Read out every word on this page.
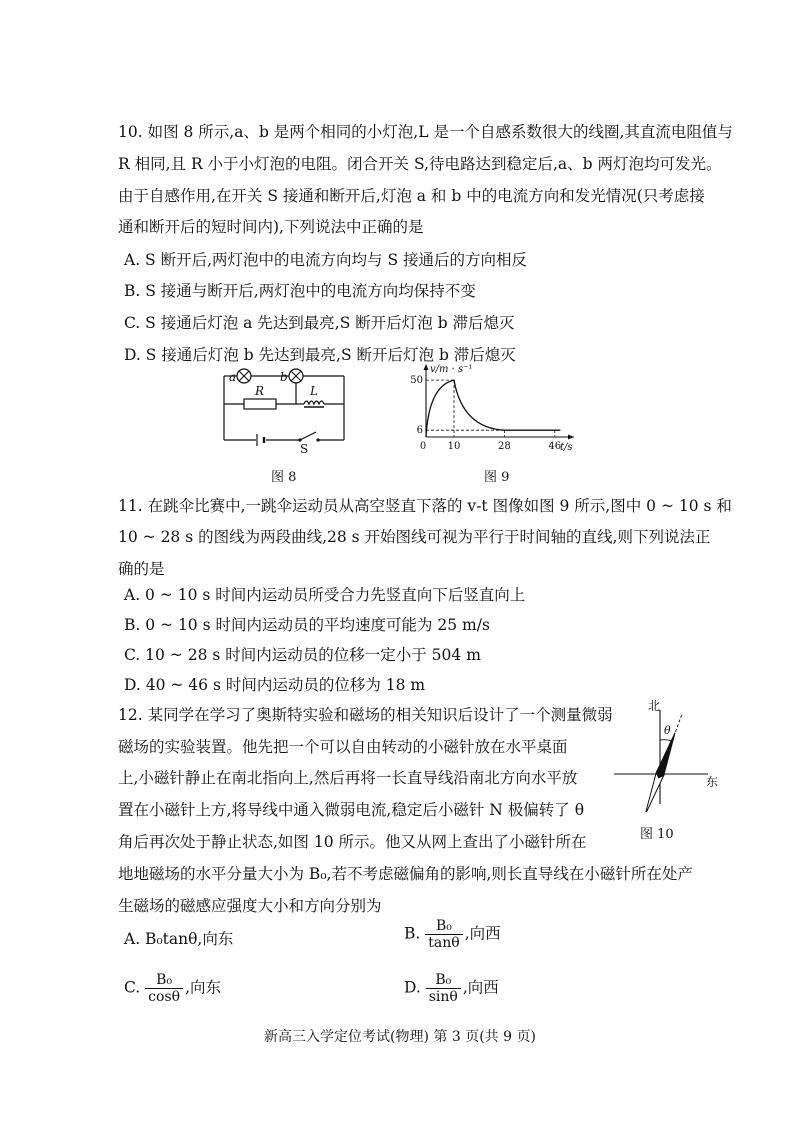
10. 如图 8 所示,a、b 是两个相同的小灯泡,L 是一个自感系数很大的线圈,其直流电阻值与
R 相同,且 R 小于小灯泡的电阻。闭合开关 S,待电路达到稳定后,a、b 两灯泡均可发光。
由于自感作用,在开关 S 接通和断开后,灯泡 a 和 b 中的电流方向和发光情况(只考虑接
通和断开后的短时间内),下列说法中正确的是
A. S 断开后,两灯泡中的电流方向均与 S 接通后的方向相反
B. S 接通与断开后,两灯泡中的电流方向均保持不变
C. S 接通后灯泡 a 先达到最亮,S 断开后灯泡 b 滞后熄灭
D. S 接通后灯泡 b 先达到最亮,S 断开后灯泡 b 滞后熄灭
a	b
R	L
S
图 8
v/m · s⁻¹
t/s
50
6
0 10	28	46
图 9
11. 在跳伞比赛中,一跳伞运动员从高空竖直下落的 v-t 图像如图 9 所示,图中 0 ~ 10 s 和
10 ~ 28 s 的图线为两段曲线,28 s 开始图线可视为平行于时间轴的直线,则下列说法正
确的是
A. 0 ~ 10 s 时间内运动员所受合力先竖直向下后竖直向上
B. 0 ~ 10 s 时间内运动员的平均速度可能为 25 m/s
C. 10 ~ 28 s 时间内运动员的位移一定小于 504 m
D. 40 ~ 46 s 时间内运动员的位移为 18 m
12. 某同学在学习了奥斯特实验和磁场的相关知识后设计了一个测量微弱
磁场的实验装置。他先把一个可以自由转动的小磁针放在水平桌面
上,小磁针静止在南北指向上,然后再将一长直导线沿南北方向水平放
置在小磁针上方,将导线中通入微弱电流,稳定后小磁针 N 极偏转了 θ
角后再次处于静止状态,如图 10 所示。他又从网上查出了小磁针所在
地地磁场的水平分量大小为 B₀,若不考虑磁偏角的影响,则长直导线在小磁针所在处产
生磁场的磁感应强度大小和方向分别为
北
东
θ
图 10
A. B₀tanθ,向东	B. $\frac{\text{B₀}}{\tan\theta}$ ,向西
C. $\frac{\text{B₀}}{\cos\theta}$ ,向东	D. $\frac{\text{B₀}}{\sin\theta}$ ,向西
新高三入学定位考试(物理) 第 3 页(共 9 页)
